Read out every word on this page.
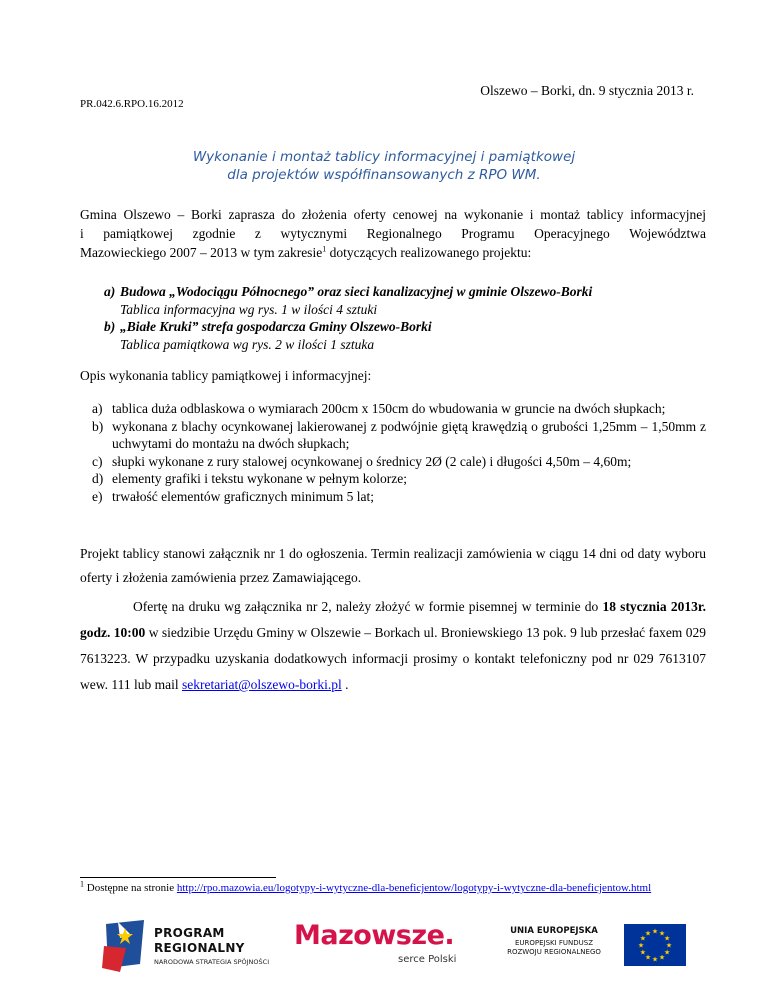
Olszewo – Borki, dn. 9 stycznia 2013 r.
PR.042.6.RPO.16.2012
Wykonanie i montaż tablicy informacyjnej i pamiątkowej
dla projektów współfinansowanych z RPO WM.
Gmina Olszewo – Borki zaprasza do złożenia oferty cenowej na wykonanie i montaż tablicy informacyjnej
i pamiątkowej zgodnie z wytycznymi Regionalnego Programu Operacyjnego Województwa
Mazowieckiego 2007 – 2013 w tym zakresie$^1$ dotyczących realizowanego projektu:
a) Budowa „Wodociągu Północnego” oraz sieci kanalizacyjnej w gminie Olszewo-Borki
Tablica informacyjna wg rys. 1 w ilości 4 sztuki
b) „Białe Kruki” strefa gospodarcza Gminy Olszewo-Borki
Tablica pamiątkowa wg rys. 2 w ilości 1 sztuka
Opis wykonania tablicy pamiątkowej i informacyjnej:
a) tablica duża odblaskowa o wymiarach 200cm x 150cm do wbudowania w gruncie na dwóch słupkach;
b) wykonana z blachy ocynkowanej lakierowanej z podwójnie giętą krawędzią o grubości 1,25mm – 1,50mm z uchwytami do montażu na dwóch słupkach;
c) słupki wykonane z rury stalowej ocynkowanej o średnicy 2Ø (2 cale) i długości 4,50m – 4,60m;
d) elementy grafiki i tekstu wykonane w pełnym kolorze;
e) trwałość elementów graficznych minimum 5 lat;
Projekt tablicy stanowi załącznik nr 1 do ogłoszenia. Termin realizacji zamówienia w ciągu 14 dni od daty wyboru oferty i złożenia zamówienia przez Zamawiającego.
Ofertę na druku wg załącznika nr 2, należy złożyć w formie pisemnej w terminie do 18 stycznia 2013r. godz. 10:00 w siedzibie Urzędu Gminy w Olszewie – Borkach ul. Broniewskiego 13 pok. 9 lub przesłać faxem 029 7613223. W przypadku uzyskania dodatkowych informacji prosimy o kontakt telefoniczny pod nr 029 7613107 wew. 111 lub mail sekretariat@olszewo-borki.pl .
$^1$ Dostępne na stronie http://rpo.mazowia.eu/logotypy-i-wytyczne-dla-beneficjentow/logotypy-i-wytyczne-dla-beneficjentow.html
PROGRAM
REGIONALNY
NARODOWA STRATEGIA SPÓJNOŚCI
Mazowsze.
serce Polski
UNIA EUROPEJSKA
EUROPEJSKI FUNDUSZ
ROZWOJU REGIONALNEGO
★
★
★
★
★
★
★
★
★ ★ ★
★
